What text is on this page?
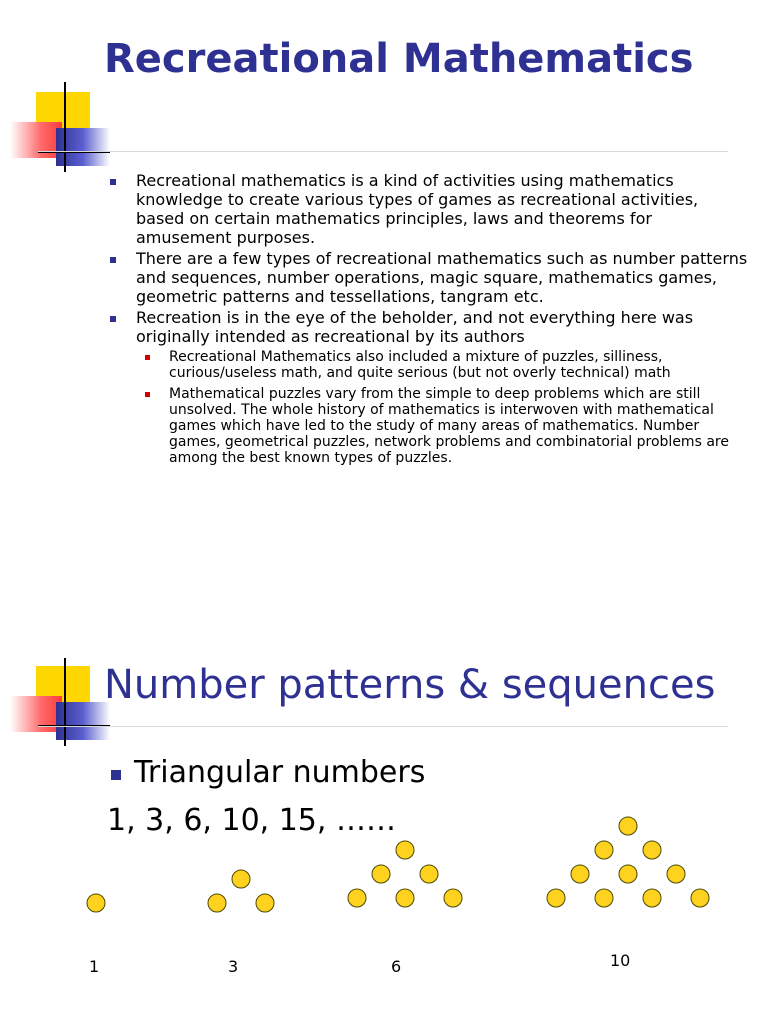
Recreational Mathematics
Recreational mathematics is a kind of activities using mathematics knowledge to create various types of games as recreational activities, based on certain mathematics principles, laws and theorems for amusement purposes.
There are a few types of recreational mathematics such as number patterns and sequences, number operations, magic square, mathematics games, geometric patterns and tessellations, tangram etc.
Recreation is in the eye of the beholder, and not everything here was originally intended as recreational by its authors
Recreational Mathematics also included a mixture of puzzles, silliness, curious/useless math, and quite serious (but not overly technical) math
Mathematical puzzles vary from the simple to deep problems which are still unsolved. The whole history of mathematics is interwoven with mathematical games which have led to the study of many areas of mathematics. Number games, geometrical puzzles, network problems and combinatorial problems are among the best known types of puzzles.
Number patterns & sequences
Triangular numbers

1, 3, 6, 10, 15, ……

1	3	6	10
